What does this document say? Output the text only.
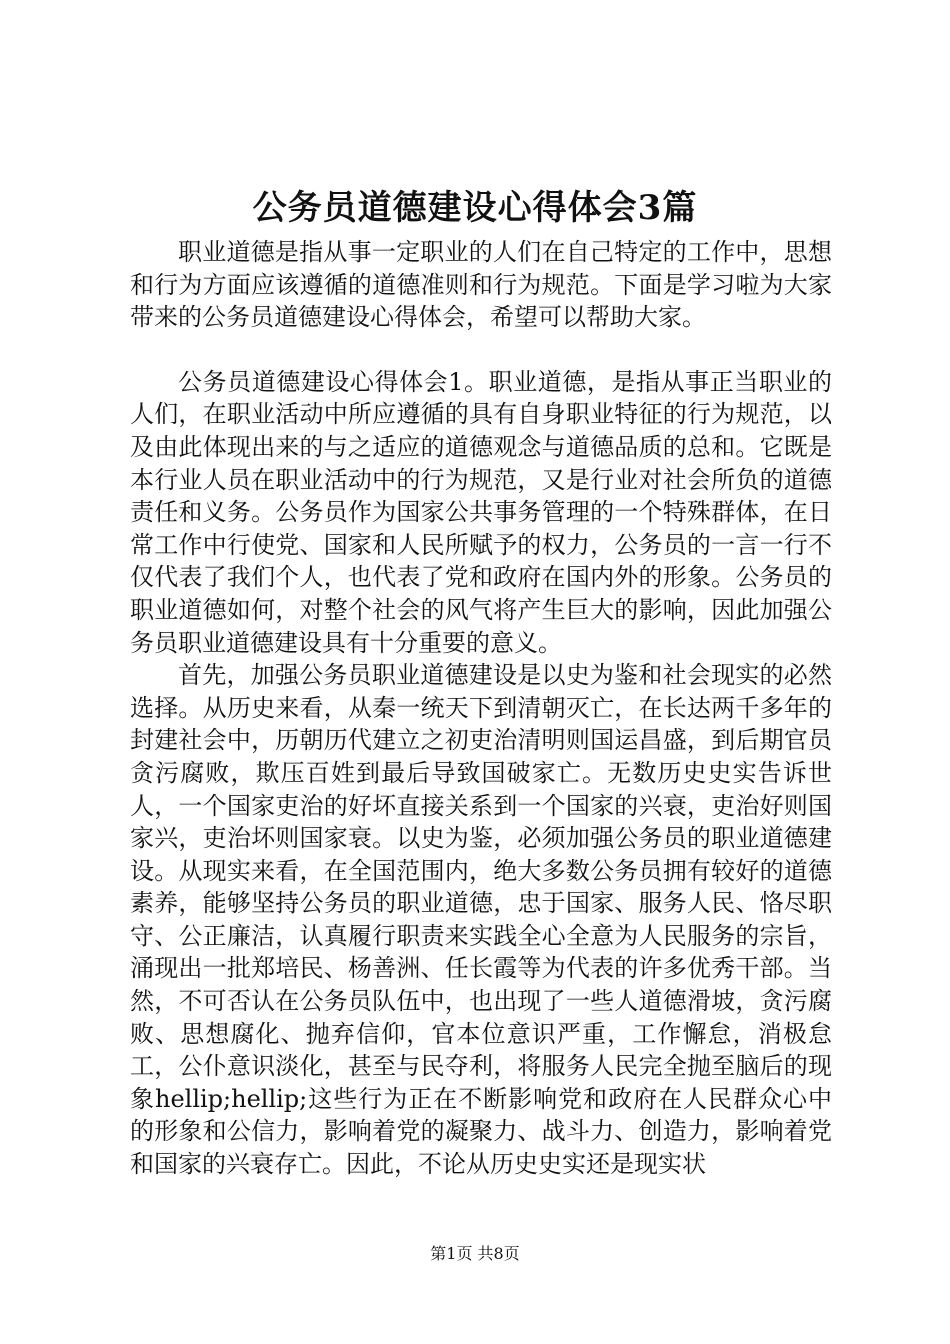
公务员道德建设心得体会3篇

职业道德是指从事一定职业的人们在自己特定的工作中，思想和行为方面应该遵循的道德准则和行为规范。下面是学习啦为大家带来的公务员道德建设心得体会，希望可以帮助大家。

公务员道德建设心得体会1。职业道德，是指从事正当职业的人们，在职业活动中所应遵循的具有自身职业特征的行为规范，以及由此体现出来的与之适应的道德观念与道德品质的总和。它既是本行业人员在职业活动中的行为规范，又是行业对社会所负的道德责任和义务。公务员作为国家公共事务管理的一个特殊群体，在日常工作中行使党、国家和人民所赋予的权力，公务员的一言一行不仅代表了我们个人，也代表了党和政府在国内外的形象。公务员的职业道德如何，对整个社会的风气将产生巨大的影响，因此加强公务员职业道德建设具有十分重要的意义。

首先，加强公务员职业道德建设是以史为鉴和社会现实的必然选择。从历史来看，从秦一统天下到清朝灭亡，在长达两千多年的封建社会中，历朝历代建立之初吏治清明则国运昌盛，到后期官员贪污腐败，欺压百姓到最后导致国破家亡。无数历史史实告诉世人，一个国家吏治的好坏直接关系到一个国家的兴衰，吏治好则国家兴，吏治坏则国家衰。以史为鉴，必须加强公务员的职业道德建设。从现实来看，在全国范围内，绝大多数公务员拥有较好的道德素养，能够坚持公务员的职业道德，忠于国家、服务人民、恪尽职守、公正廉洁，认真履行职责来实践全心全意为人民服务的宗旨，涌现出一批郑培民、杨善洲、任长霞等为代表的许多优秀干部。当然，不可否认在公务员队伍中，也出现了一些人道德滑坡，贪污腐败、思想腐化、抛弃信仰，官本位意识严重，工作懈怠，消极怠工，公仆意识淡化，甚至与民夺利，将服务人民完全抛至脑后的现象hellip;hellip;这些行为正在不断影响党和政府在人民群众心中的形象和公信力，影响着党的凝聚力、战斗力、创造力，影响着党和国家的兴衰存亡。因此，不论从历史史实还是现实状

第1页 共8页
